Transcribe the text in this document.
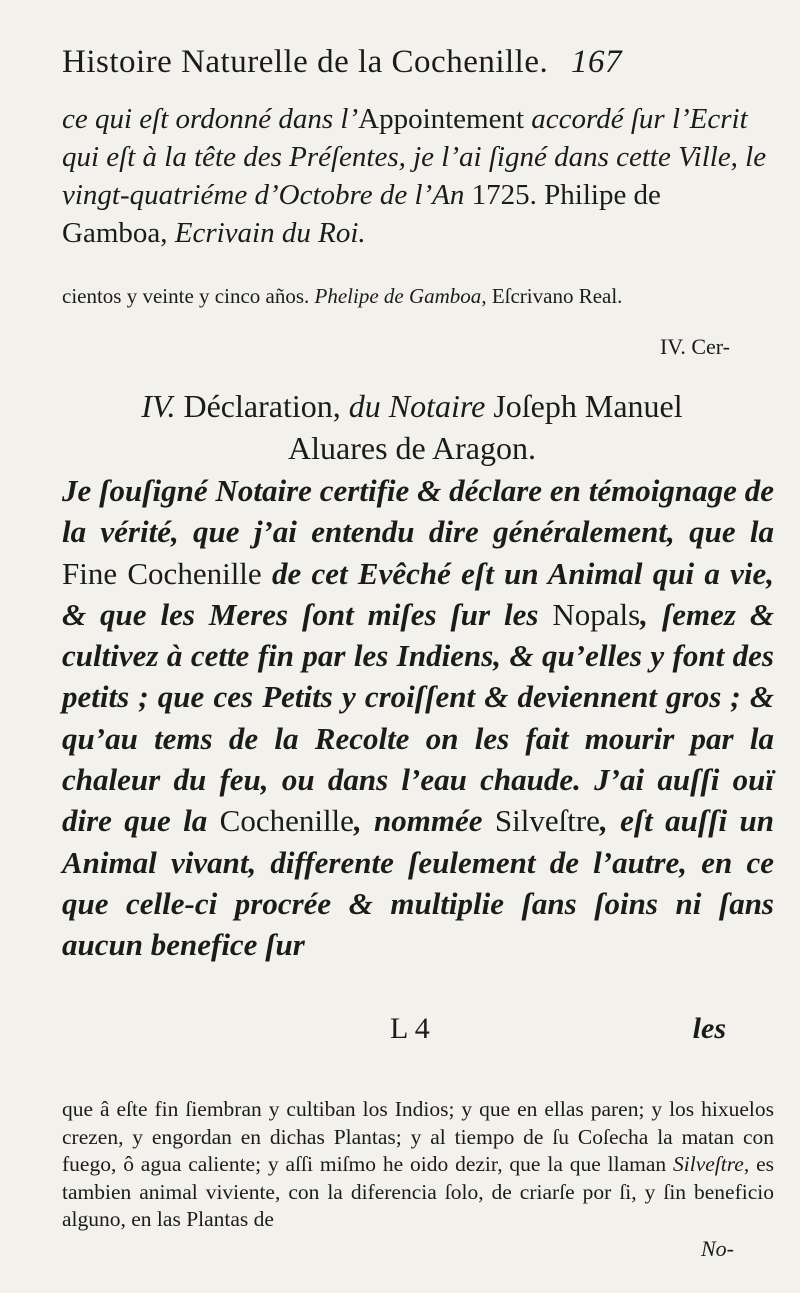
Histoire Naturelle de la Cochenille. 167
ce qui eſt ordonné dans l’Appointement accordé ſur l’Ecrit qui eſt à la tête des Préſentes, je l’ai ſigné dans cette Ville, le vingt-quatriéme d’Octobre de l’An 1725. Philipe de Gamboa, Ecrivain du Roi.
cientos y veinte y cinco años. Phelipe de Gamboa, Eſcrivano Real.
IV. Cer-
IV. Déclaration, du Notaire Joſeph Manuel
Aluares de Aragon.
Je ſouſigné Notaire certifie & déclare en témoignage de la vérité, que j’ai entendu dire généralement, que la Fine Cochenille de cet Evêché eſt un Animal qui a vie, & que les Meres ſont miſes ſur les Nopals, ſemez & cultivez à cette fin par les Indiens, & qu’elles y font des petits ; que ces Petits y croiſſent & deviennent gros ; & qu’au tems de la Recolte on les fait mourir par la chaleur du feu, ou dans l’eau chaude. J’ai auſſi ouï dire que la Cochenille, nommée Silveſtre, eſt auſſi un Animal vivant, differente ſeulement de l’autre, en ce que celle-ci procrée & multiplie ſans ſoins ni ſans aucun benefice ſur
L 4	les
que â eſte fin ſiembran y cultiban los Indios; y que en ellas paren; y los hixuelos crezen, y engordan en dichas Plantas; y al tiempo de ſu Coſecha la matan con fuego, ô agua caliente; y aſſi miſmo he oido dezir, que la que llaman Silveſtre, es tambien animal viviente, con la diferencia ſolo, de criarſe por ſi, y ſin beneficio alguno, en las Plantas de
No-
